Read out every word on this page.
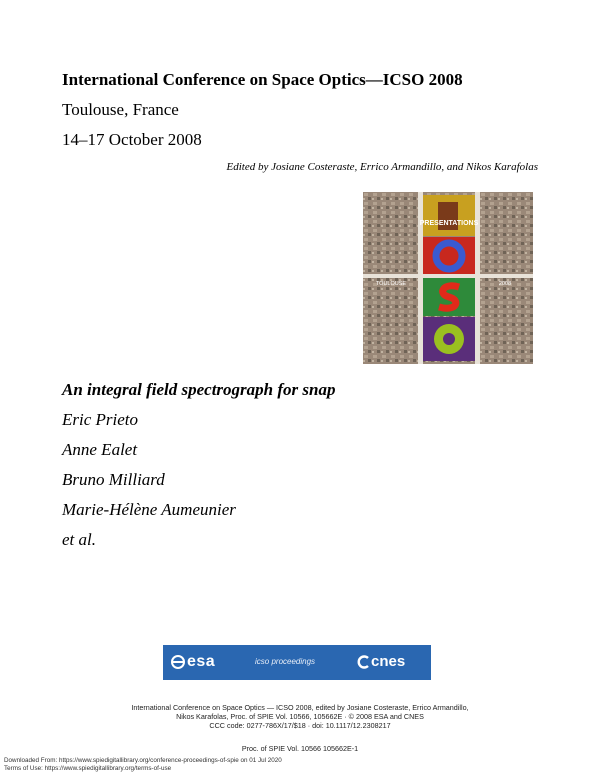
International Conference on Space Optics—ICSO 2008
Toulouse, France
14–17 October 2008
Edited by Josiane Costeraste, Errico Armandillo, and Nikos Karafolas
PRESENTATIONS
TOULOUSE	2008
An integral field spectrograph for snap
Eric Prieto
Anne Ealet
Bruno Milliard
Marie-Hélène Aumeunier
et al.
esa	icso proceedings	cnes
International Conference on Space Optics — ICSO 2008, edited by Josiane Costeraste, Errico Armandillo,
Nikos Karafolas, Proc. of SPIE Vol. 10566, 105662E · © 2008 ESA and CNES
CCC code: 0277-786X/17/$18 · doi: 10.1117/12.2308217
Proc. of SPIE Vol. 10566 105662E-1
Downloaded From: https://www.spiedigitallibrary.org/conference-proceedings-of-spie on 01 Jul 2020
Terms of Use: https://www.spiedigitallibrary.org/terms-of-use
